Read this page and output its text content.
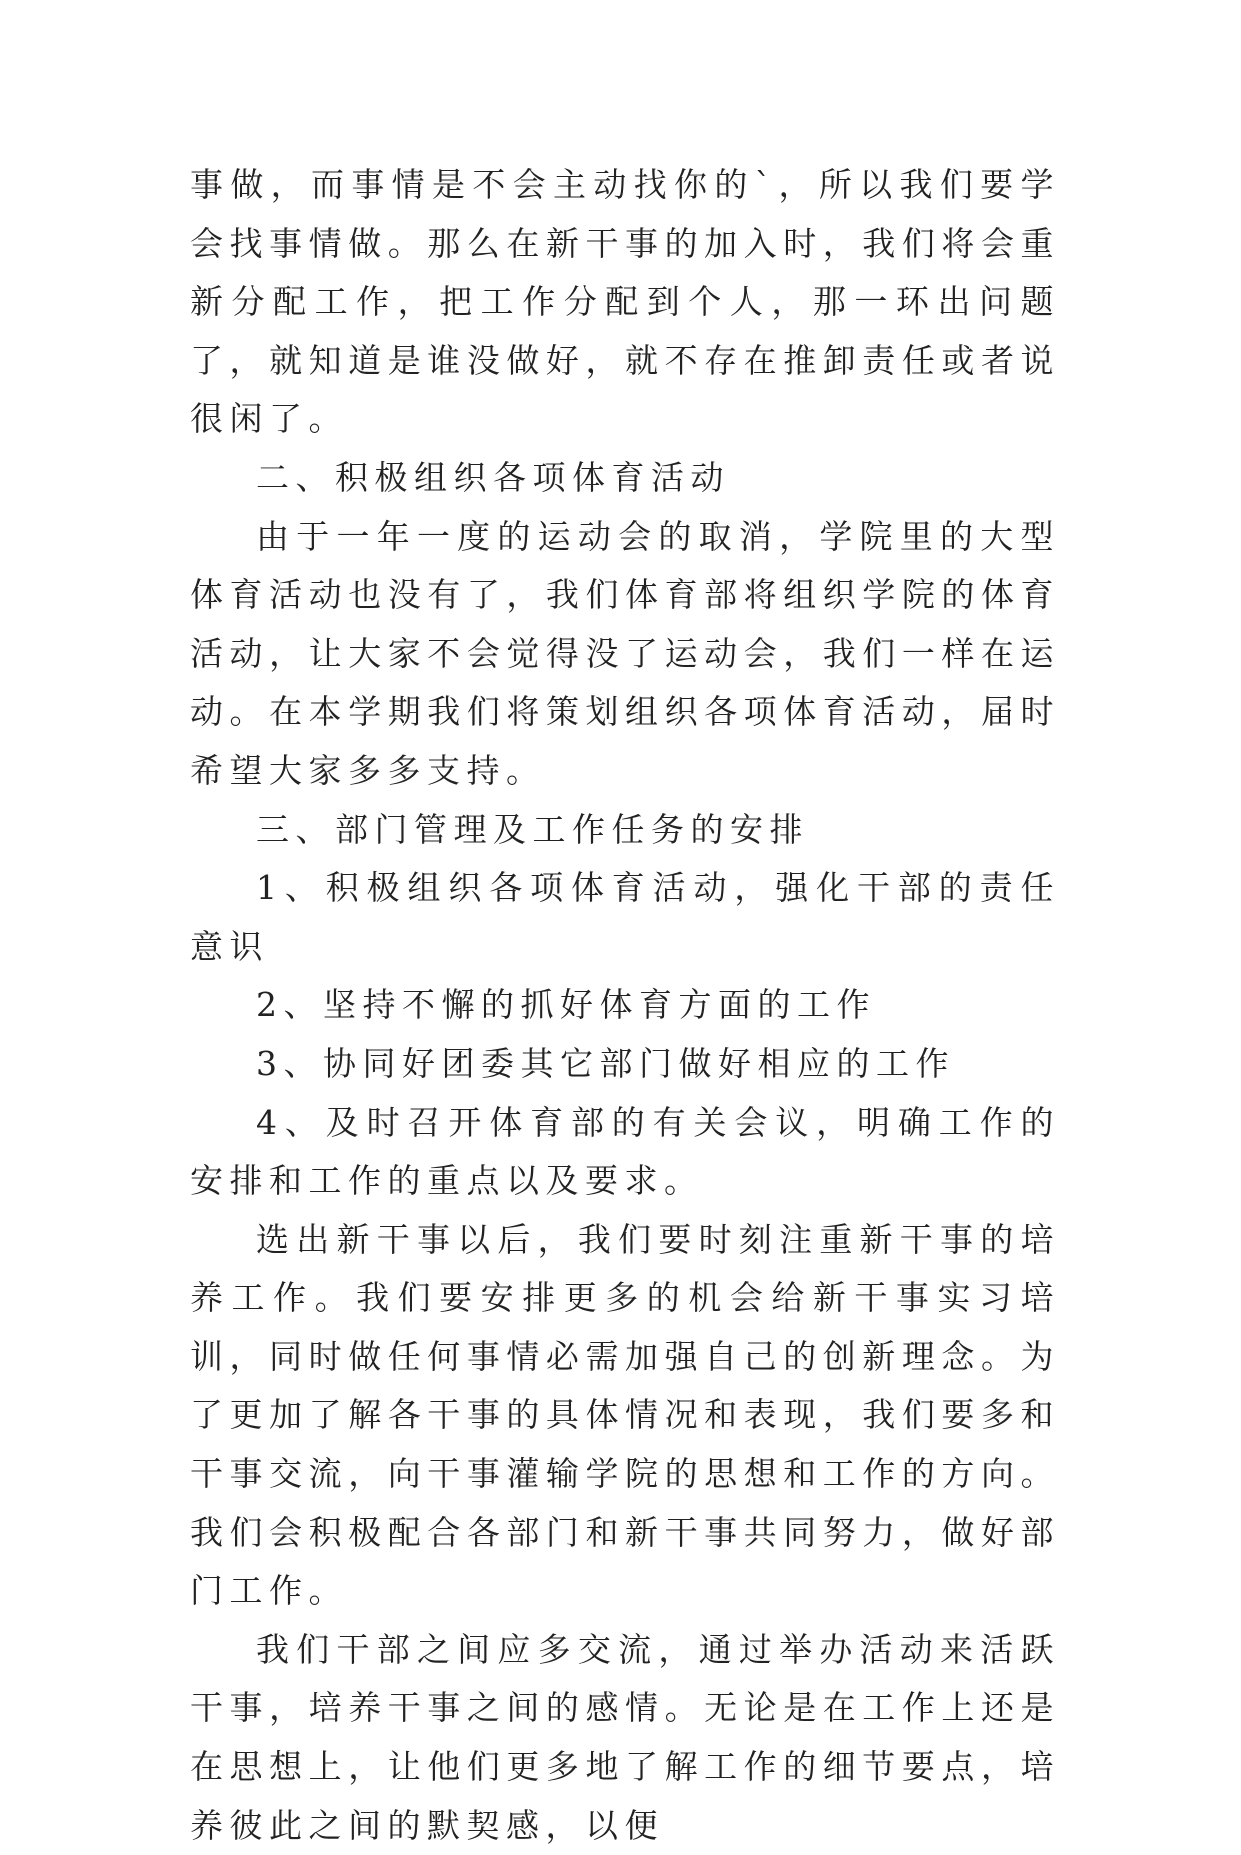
事做，而事情是不会主动找你的`，所以我们要学会找事情做。那么在新干事的加入时，我们将会重新分配工作，把工作分配到个人，那一环出问题了，就知道是谁没做好，就不存在推卸责任或者说很闲了。

二、积极组织各项体育活动

由于一年一度的运动会的取消，学院里的大型体育活动也没有了，我们体育部将组织学院的体育活动，让大家不会觉得没了运动会，我们一样在运动。在本学期我们将策划组织各项体育活动，届时希望大家多多支持。

三、部门管理及工作任务的安排

1、积极组织各项体育活动，强化干部的责任意识

2、坚持不懈的抓好体育方面的工作

3、协同好团委其它部门做好相应的工作

4、及时召开体育部的有关会议，明确工作的安排和工作的重点以及要求。

选出新干事以后，我们要时刻注重新干事的培养工作。我们要安排更多的机会给新干事实习培训，同时做任何事情必需加强自己的创新理念。为了更加了解各干事的具体情况和表现，我们要多和干事交流，向干事灌输学院的思想和工作的方向。我们会积极配合各部门和新干事共同努力，做好部门工作。

我们干部之间应多交流，通过举办活动来活跃干事，培养干事之间的感情。无论是在工作上还是在思想上，让他们更多地了解工作的细节要点，培养彼此之间的默契感，以便
